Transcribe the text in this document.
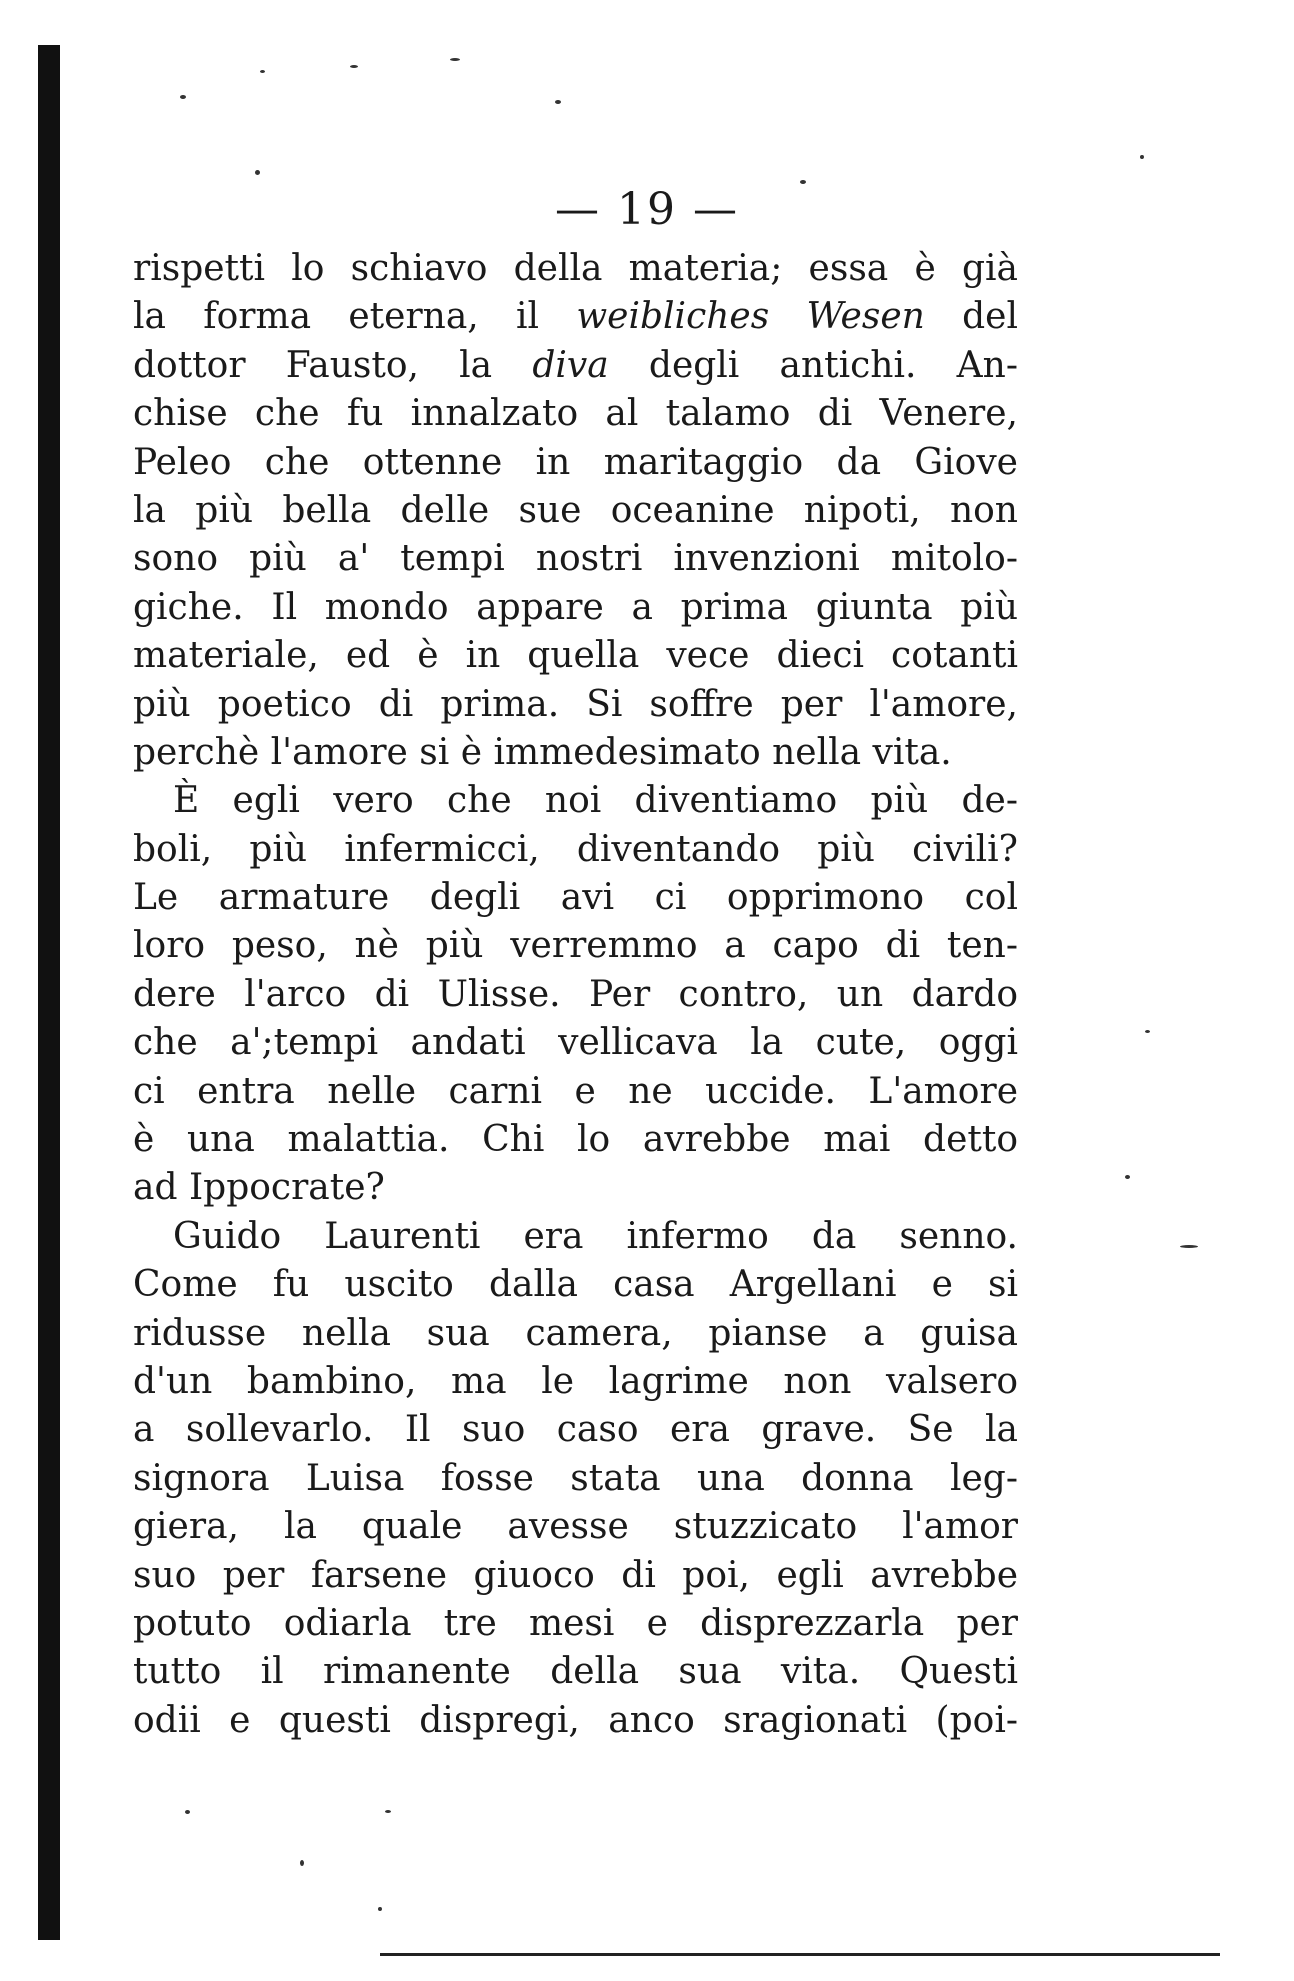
— 19 —
rispetti lo schiavo della materia; essa è già
la forma eterna, il weibliches Wesen del
dottor Fausto, la diva degli antichi. An-
chise che fu innalzato al talamo di Venere,
Peleo che ottenne in maritaggio da Giove
la più bella delle sue oceanine nipoti, non
sono più a' tempi nostri invenzioni mitolo-
giche. Il mondo appare a prima giunta più
materiale, ed è in quella vece dieci cotanti
più poetico di prima. Si soffre per l'amore,
perchè l'amore si è immedesimato nella vita.
È egli vero che noi diventiamo più de-
boli, più infermicci, diventando più civili?
Le armature degli avi ci opprimono col
loro peso, nè più verremmo a capo di ten-
dere l'arco di Ulisse. Per contro, un dardo
che a';tempi andati vellicava la cute, oggi
ci entra nelle carni e ne uccide. L'amore
è una malattia. Chi lo avrebbe mai detto
ad Ippocrate?
Guido Laurenti era infermo da senno.
Come fu uscito dalla casa Argellani e si
ridusse nella sua camera, pianse a guisa
d'un bambino, ma le lagrime non valsero
a sollevarlo. Il suo caso era grave. Se la
signora Luisa fosse stata una donna leg-
giera, la quale avesse stuzzicato l'amor
suo per farsene giuoco di poi, egli avrebbe
potuto odiarla tre mesi e disprezzarla per
tutto il rimanente della sua vita. Questi
odii e questi dispregi, anco sragionati (poi-
